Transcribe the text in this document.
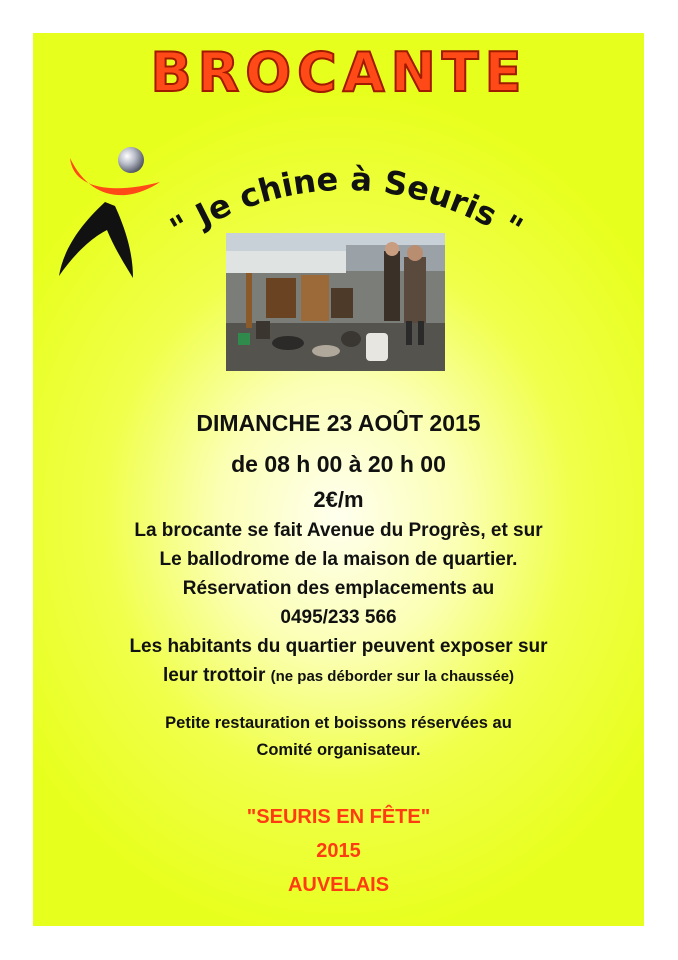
BROCANTE
" Je chine à Seuris "
DIMANCHE 23 AOÛT 2015
de 08 h 00 à 20 h 00
2€/m
La brocante se fait Avenue du Progrès, et sur
Le ballodrome de la maison de quartier.
Réservation des emplacements au
0495/233 566
Les habitants du quartier peuvent exposer sur
leur trottoir (ne pas déborder sur la chaussée)
Petite restauration et boissons réservées au
Comité organisateur.
"SEURIS EN FÊTE"
2015
AUVELAIS
